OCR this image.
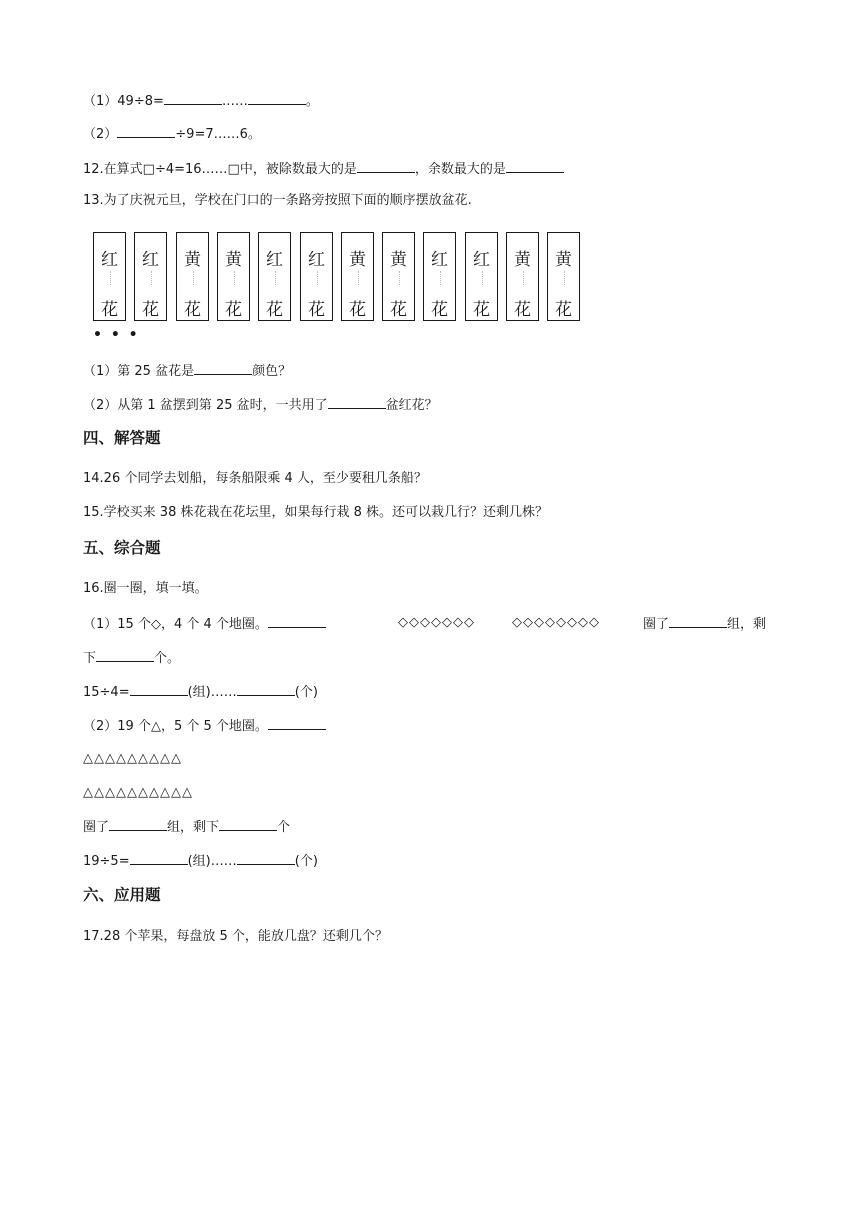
（1）49÷8=	……	。
（2）	÷9=7……6。
12.在算式□÷4=16……□中，被除数最大的是	，余数最大的是
13.为了庆祝元旦，学校在门口的一条路旁按照下面的顺序摆放盆花.
红
花
红
花
黄
花
黄
花
红
花
红
花
黄
花
黄
花
红
花
红
花
黄
花
黄
花
• • •
（1）第 25 盆花是	颜色？
（2）从第 1 盆摆到第 25 盆时，一共用了	盆红花？
四、解答题
14.26 个同学去划船，每条船限乘 4 人，至少要租几条船？
15.学校买来 38 株花栽在花坛里，如果每行栽 8 株。还可以栽几行？还剩几株？
五、综合题
16.圈一圈，填一填。
（1）15 个◇，4 个 4 个地圈。	◇◇◇◇◇◇◇	◇◇◇◇◇◇◇◇	圈了	组，剩
下	个。
15÷4=	(组)……	(个)
（2）19 个△，5 个 5 个地圈。
△△△△△△△△△
△△△△△△△△△△
圈了	组，剩下	个
19÷5=	(组)……	(个)
六、应用题
17.28 个苹果，每盘放 5 个，能放几盘？还剩几个？
